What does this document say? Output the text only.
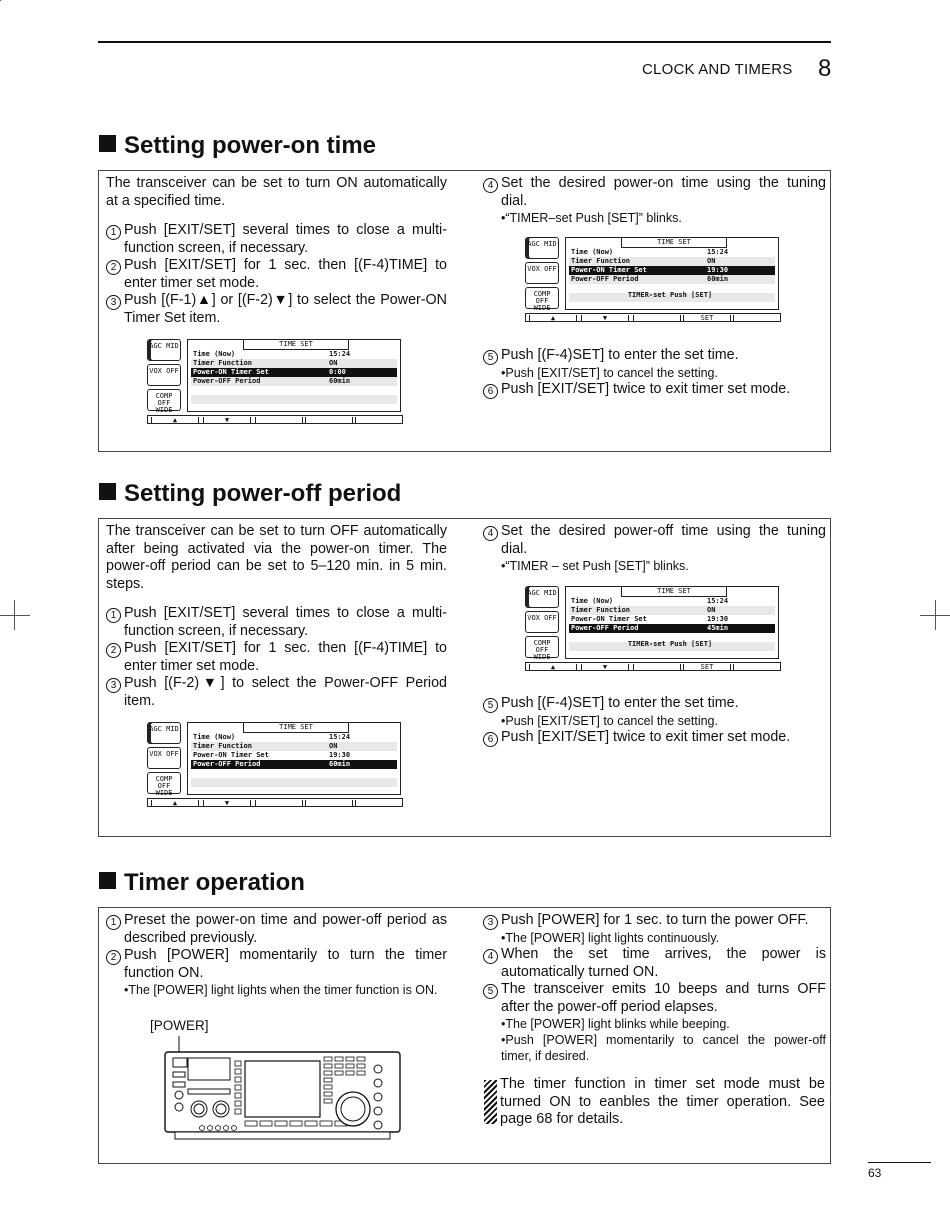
CLOCK AND TIMERS 8
Setting power-on time

The transceiver can be set to turn ON automatically at a specified time.

1 Push [EXIT/SET] several times to close a multi-function screen, if necessary.
2 Push [EXIT/SET] for 1 sec. then [(F-4)TIME] to enter timer set mode.
3 Push [(F-1)▲] or [(F-2)▼] to select the Power-ON Timer Set item.
4 Set the desired power-on time using the tuning dial.

•“TIMER–set Push [SET]” blinks.

5 Push [(F-4)SET] to enter the set time.

•Push [EXIT/SET] to cancel the setting.

6 Push [EXIT/SET] twice to exit timer set mode.
AGC MID
VOX OFF
COMP OFF WIDE
TIME SET
Time (Now)	15:24
Timer Function	ON
Power-ON Timer Set	0:00
Power-OFF Period	60min
▲	▼
AGC MID
VOX OFF
COMP OFF WIDE
TIME SET
Time (Now)	15:24
Timer Function	ON
Power-ON Timer Set	19:30
Power-OFF Period	60min
TIMER-set Push [SET]
▲	▼	SET
Setting power-off period

The transceiver can be set to turn OFF automatically after being activated via the power-on timer. The power-off period can be set to 5–120 min. in 5 min. steps.

1 Push [EXIT/SET] several times to close a multi-function screen, if necessary.
2 Push [EXIT/SET] for 1 sec. then [(F-4)TIME] to enter timer set mode.
3 Push [(F-2)▼] to select the Power-OFF Period item.
4 Set the desired power-off time using the tuning dial.

•“TIMER – set Push [SET]” blinks.

5 Push [(F-4)SET] to enter the set time.

•Push [EXIT/SET] to cancel the setting.

6 Push [EXIT/SET] twice to exit timer set mode.
AGC MID
VOX OFF
COMP OFF WIDE
TIME SET
Time (Now)	15:24
Timer Function	ON
Power-ON Timer Set	19:30
Power-OFF Period	60min
▲	▼
AGC MID
VOX OFF
COMP OFF WIDE
TIME SET
Time (Now)	15:24
Timer Function	ON
Power-ON Timer Set	19:30
Power-OFF Period	45min
TIMER-set Push [SET]
▲	▼	SET
Timer operation
1 Preset the power-on time and power-off period as described previously.
2 Push [POWER] momentarily to turn the timer function ON.

•The [POWER] light lights when the timer function is ON.

[POWER]
3 Push [POWER] for 1 sec. to turn the power OFF.

•The [POWER] light lights continuously.

4 When the set time arrives, the power is automatically turned ON.
5 The transceiver emits 10 beeps and turns OFF after the power-off period elapses.

•The [POWER] light blinks while beeping.

•Push [POWER] momentarily to cancel the power-off timer, if desired.

The timer function in timer set mode must be turned ON to eanbles the timer operation. See page 68 for details.

63
